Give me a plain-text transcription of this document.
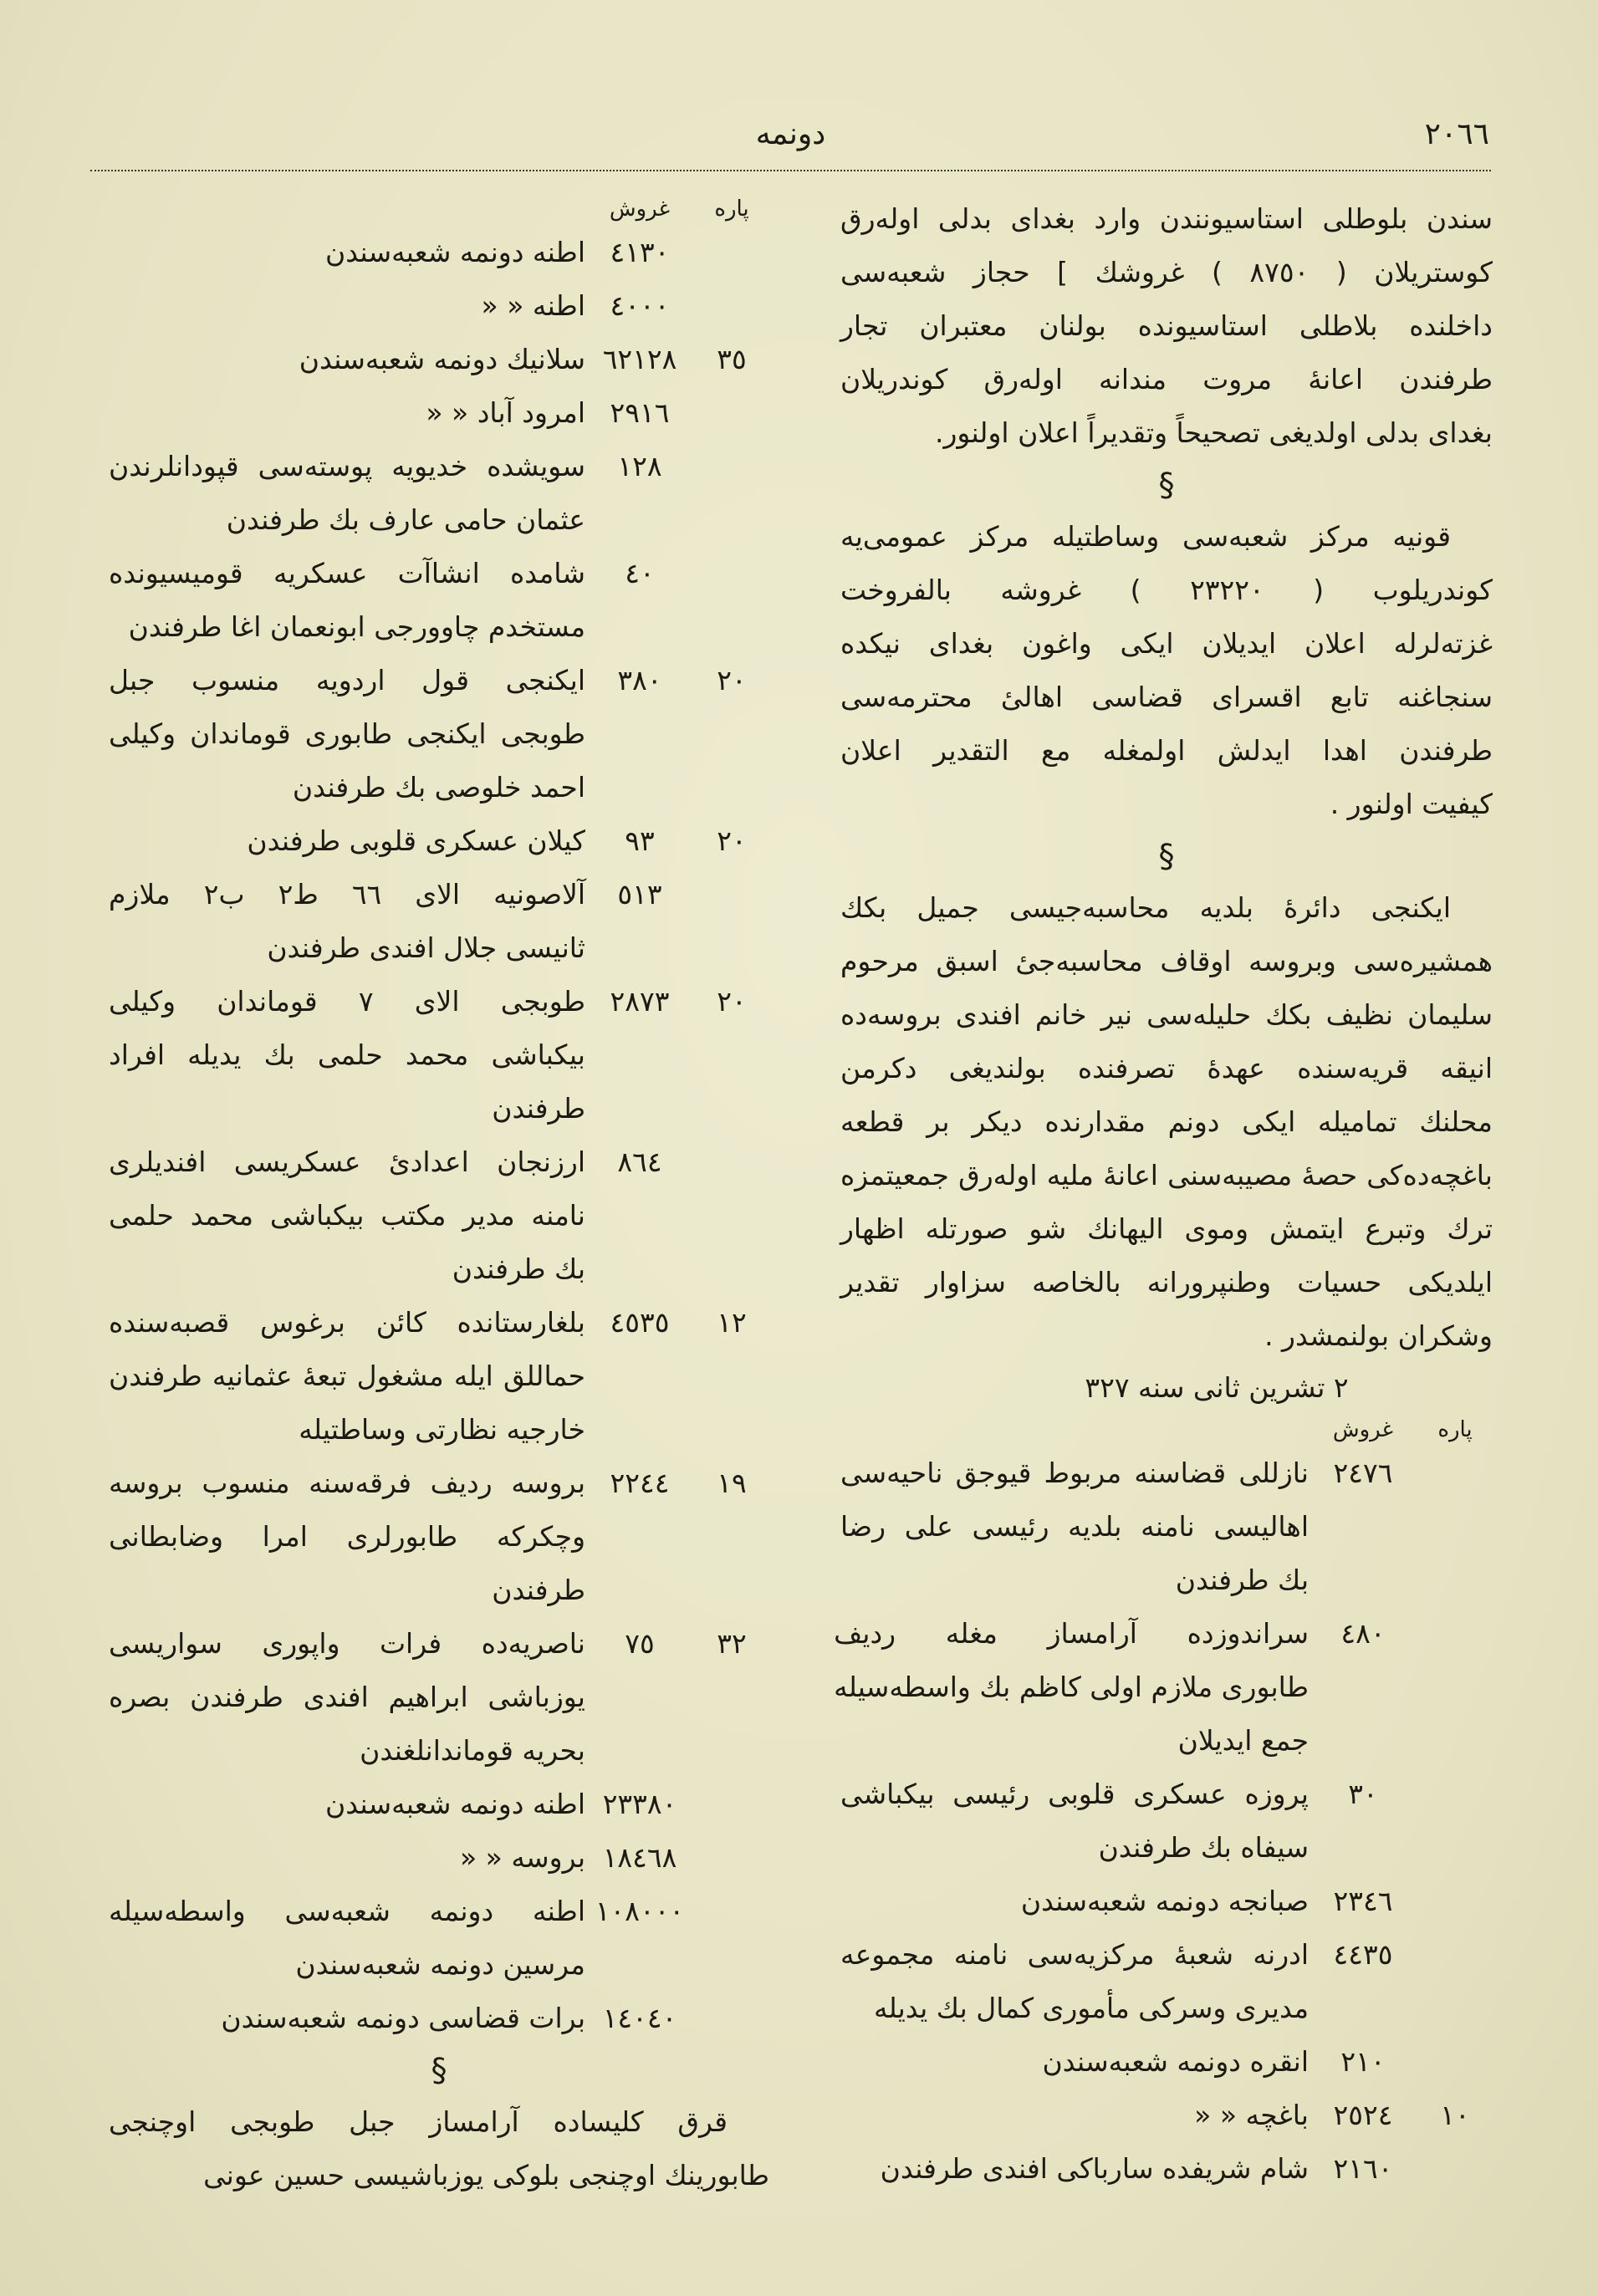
٢٠٦٦
دونمه
سندن بلوطلی استاسیونندن وارد بغدای بدلی اوله‌رق
کوستریلان ( ٨٧٥٠ ) غروشك ] حجاز شعبه‌سی
داخلنده بلاطلی استاسیونده بولنان معتبران تجار
طرفندن اعانهٔ مروت مندانه اوله‌رق کوندریلان
بغدای بدلی اولدیغی تصحیحاً وتقدیراً اعلان اولنور.
§
قونیه مرکز شعبه‌سی وساطتیله مرکز عمومی‌یه
کوندریلوب ( ٢٣٢٢٠ ) غروشه بالفروخت
غزته‌لرله اعلان ایدیلان ایکی واغون بغدای نیکده
سنجاغنه تابع اقسرای قضاسی اهالیٔ محترمه‌سی
طرفندن اهدا ایدلش اولمغله مع التقدیر اعلان
کیفیت اولنور .
§
ایکنجی دائرهٔ بلدیه محاسبه‌جیسی جمیل بکك
همشیره‌سی وبروسه اوقاف محاسبه‌جیٔ اسبق مرحوم
سلیمان نظیف بکك حلیله‌سی نیر خانم افندی بروسه‌ده
انیقه قریه‌سنده عهدهٔ تصرفنده بولندیغی دکرمن
محلنك تمامیله ایکی دونم مقدارنده دیکر بر قطعه
باغچه‌ده‌کی حصهٔ مصیبه‌سنی اعانهٔ ملیه اوله‌رق جمعیتمزه
ترك وتبرع ایتمش وموی الیهانك شو صورتله اظهار
ایلدیکی حسیات وطنپرورانه بالخاصه سزاوار تقدیر
وشکران بولنمشدر .
٢ تشرین ثانی سنه ٣٢٧
پاره
غروش
٢٤٧٦
نازللی قضاسنه مربوط قیوجق ناحیه‌سی
اهالیسی نامنه بلدیه رئیسی علی رضا
بك طرفندن
٤٨٠
سراندوزده آرامساز مغله ردیف
طابوری ملازم اولی کاظم بك واسطه‌سیله
جمع ایدیلان
٣٠
پروزه عسکری قلوبی رئیسی بیکباشی
سیفاه بك طرفندن
٢٣٤٦
صبانجه دونمه شعبه‌سندن
٤٤٣٥
ادرنه شعبهٔ مرکزیه‌سی نامنه مجموعه
مدیری وسرکی مأموری کمال بك یدیله
٢١٠
انقره دونمه شعبه‌سندن
١٠
٢٥٢٤
باغچه « «
٢١٦٠
شام شریفده سارباکی افندی طرفندن
پاره
غروش
٤١٣٠
اطنه دونمه شعبه‌سندن
٤٠٠٠
اطنه « «
٣٥
٦٢١٢٨
سلانیك دونمه شعبه‌سندن
٢٩١٦
امرود آباد « «
١٢٨
سویشده خدیویه پوسته‌سی قپودانلرندن
عثمان حامی عارف بك طرفندن
٤٠
شامده انشاآت عسکریه قومیسیونده
مستخدم چاوورجی ابونعمان اغا طرفندن
٢٠
٣٨٠
ایکنجی قول اردویه منسوب جبل
طوبجی ایکنجی طابوری قوماندان وکیلی
احمد خلوصی بك طرفندن
٢٠
٩٣
کیلان عسکری قلوبی طرفندن
٥١٣
آلاصونیه الای ٦٦ ط٢ ب٢ ملازم
ثانیسی جلال افندی طرفندن
٢٠
٢٨٧٣
طوبجی الای ٧ قوماندان وکیلی
بیکباشی محمد حلمی بك یدیله افراد
طرفندن
٨٦٤
ارزنجان اعدادیٔ عسکریسی افندیلری
نامنه مدیر مکتب بیکباشی محمد حلمی
بك طرفندن
١٢
٤٥٣٥
بلغارستانده کائن برغوس قصبه‌سنده
حماللق ایله مشغول تبعهٔ عثمانیه طرفندن
خارجیه نظارتی وساطتیله
١٩
٢٢٤٤
بروسه ردیف فرقه‌سنه منسوب بروسه
وچکرکه طابورلری امرا وضابطانی
طرفندن
٣٢
٧٥
ناصریه‌ده فرات واپوری سواریسی
یوزباشی ابراهیم افندی طرفندن بصره
بحریه قوماندانلغندن
٢٣٣٨٠
اطنه دونمه شعبه‌سندن
١٨٤٦٨
بروسه « «
١٠٨٠٠٠
اطنه دونمه شعبه‌سی واسطه‌سیله
مرسین دونمه شعبه‌سندن
١٤٠٤٠
برات قضاسی دونمه شعبه‌سندن
§
قرق کلیساده آرامساز جبل طوبجی اوچنجی
طابورینك اوچنجی بلوکی یوزباشیسی حسین عونی
